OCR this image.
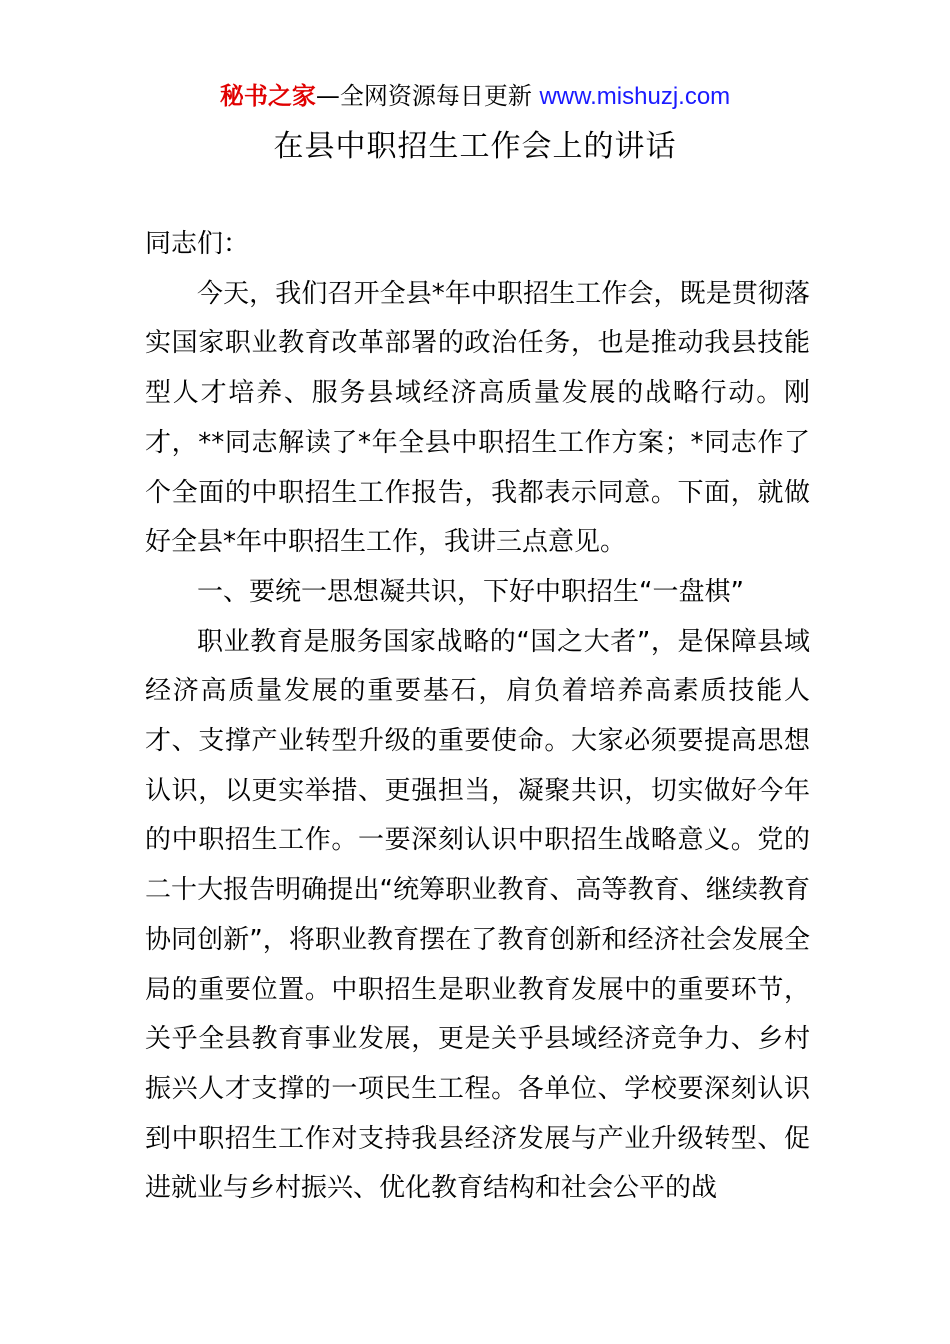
秘书之家—全网资源每日更新 www.mishuzj.com
在县中职招生工作会上的讲话

同志们：

今天，我们召开全县*年中职招生工作会，既是贯彻落实国家职业教育改革部署的政治任务，也是推动我县技能型人才培养、服务县域经济高质量发展的战略行动。刚才，**同志解读了*年全县中职招生工作方案；*同志作了个全面的中职招生工作报告，我都表示同意。下面，就做好全县*年中职招生工作，我讲三点意见。

一、要统一思想凝共识，下好中职招生“一盘棋”

职业教育是服务国家战略的“国之大者”，是保障县域经济高质量发展的重要基石，肩负着培养高素质技能人才、支撑产业转型升级的重要使命。大家必须要提高思想认识，以更实举措、更强担当，凝聚共识，切实做好今年的中职招生工作。一要深刻认识中职招生战略意义。党的二十大报告明确提出“统筹职业教育、高等教育、继续教育协同创新”，将职业教育摆在了教育创新和经济社会发展全局的重要位置。中职招生是职业教育发展中的重要环节，关乎全县教育事业发展，更是关乎县域经济竞争力、乡村振兴人才支撑的一项民生工程。各单位、学校要深刻认识到中职招生工作对支持我县经济发展与产业升级转型、促进就业与乡村振兴、优化教育结构和社会公平的战
